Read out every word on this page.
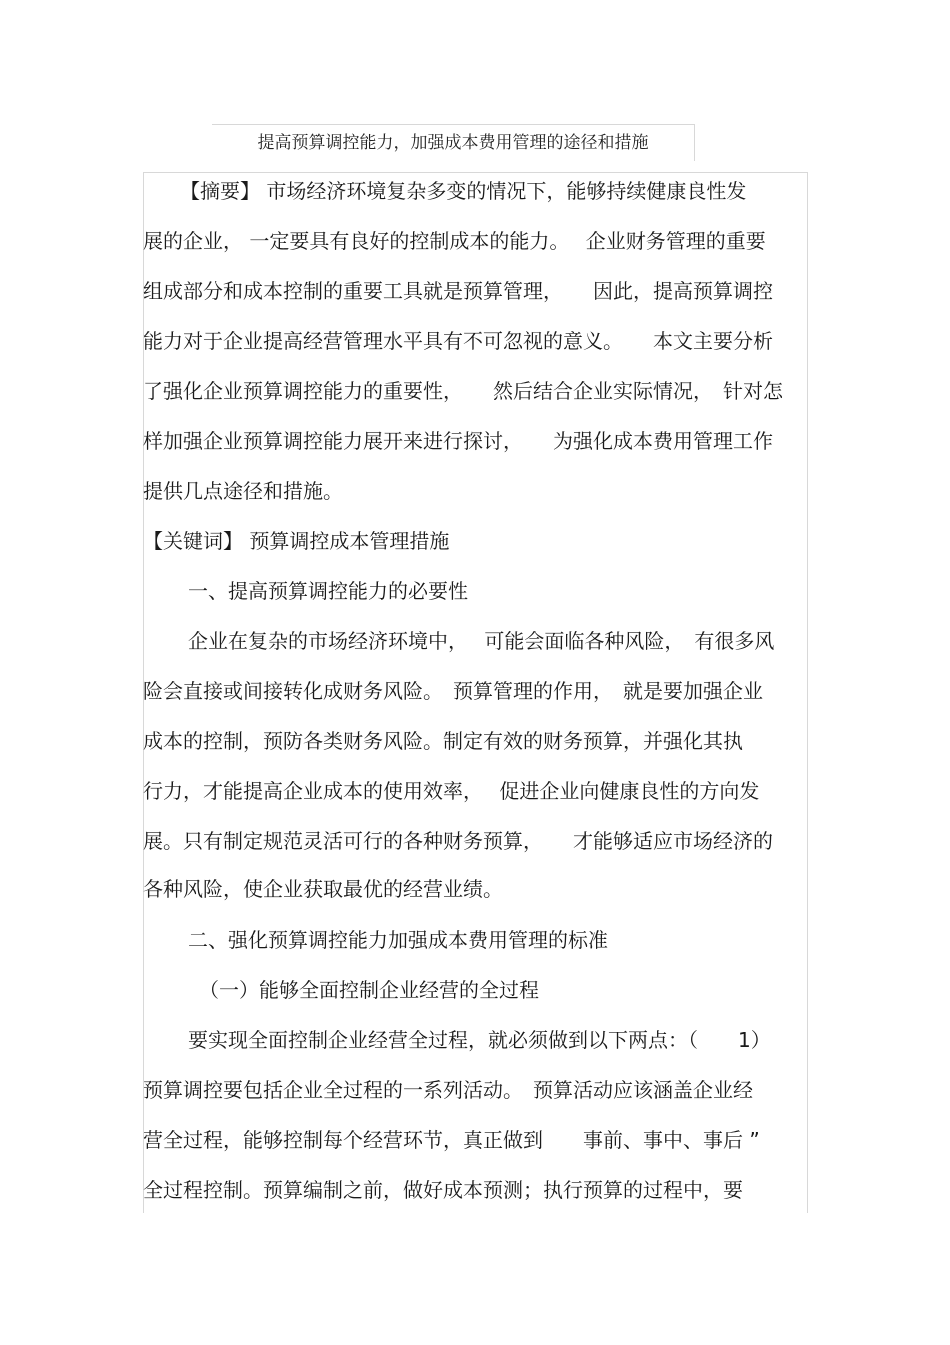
提高预算调控能力，加强成本费用管理的途径和措施
【摘要】 市场经济环境复杂多变的情况下，能够持续健康良性发
展的企业， 一定要具有良好的控制成本的能力。　 企业财务管理的重要
组成部分和成本控制的重要工具就是预算管理，　　因此，提高预算调控
能力对于企业提高经营管理水平具有不可忽视的意义。　　本文主要分析
了强化企业预算调控能力的重要性，　　然后结合企业实际情况，　针对怎
样加强企业预算调控能力展开来进行探讨，　　为强化成本费用管理工作
提供几点途径和措施。
【关键词】 预算调控成本管理措施
一、提高预算调控能力的必要性
企业在复杂的市场经济环境中，　 可能会面临各种风险，　有很多风
险会直接或间接转化成财务风险。　预算管理的作用，　就是要加强企业
成本的控制，预防各类财务风险。制定有效的财务预算，并强化其执
行力，才能提高企业成本的使用效率，　 促进企业向健康良性的方向发
展。只有制定规范灵活可行的各种财务预算，　　才能够适应市场经济的
各种风险，使企业获取最优的经营业绩。
二、强化预算调控能力加强成本费用管理的标准
（一）能够全面控制企业经营的全过程
要实现全面控制企业经营全过程，就必须做到以下两点：（　　1）
预算调控要包括企业全过程的一系列活动。　预算活动应该涵盖企业经
营全过程，能够控制每个经营环节，真正做到　　事前、事中、事后 ”
全过程控制。预算编制之前，做好成本预测；执行预算的过程中，要
